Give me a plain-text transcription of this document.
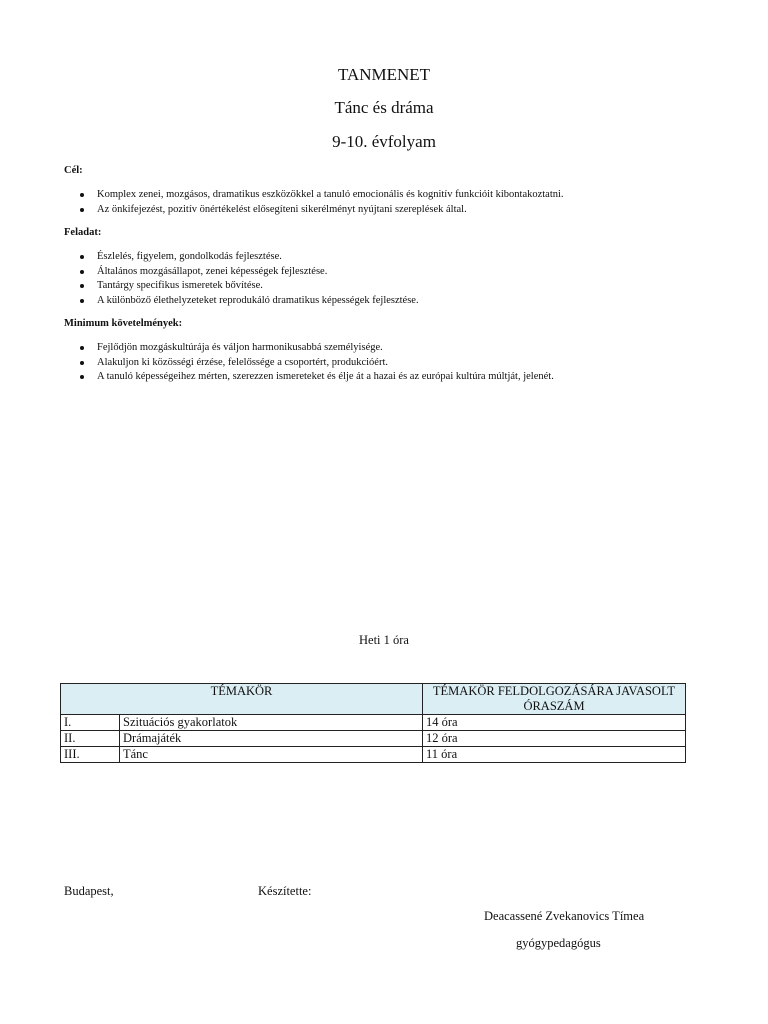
TANMENET
Tánc és dráma
9-10. évfolyam

Cél:

Komplex zenei, mozgásos, dramatikus eszközökkel a tanuló emocionális és kognitív funkcióit kibontakoztatni.
Az önkifejezést, pozitív önértékelést elősegíteni sikerélményt nyújtani szereplések által.

Feladat:

Észlelés, figyelem, gondolkodás fejlesztése.
Általános mozgásállapot, zenei képességek fejlesztése.
Tantárgy specifikus ismeretek bővítése.
A különböző élethelyzeteket reprodukáló dramatikus képességek fejlesztése.

Minimum követelmények:

Fejlődjön mozgáskultúrája és váljon harmonikusabbá személyisége.
Alakuljon ki közösségi érzése, felelőssége a csoportért, produkcióért.
A tanuló képességeihez mérten, szerezzen ismereteket és élje át a hazai és az európai kultúra múltját, jelenét.
Heti 1 óra
TÉMAKÖR		TÉMAKÖR FELDOLGOZÁSÁRA JAVASOLT ÓRASZÁM
I.	Szituációs gyakorlatok	14 óra
II.	Drámajáték	12 óra
III.	Tánc	11 óra
Budapest,	Készítette:
Deacassené Zvekanovics Tímea
gyógypedagógus
